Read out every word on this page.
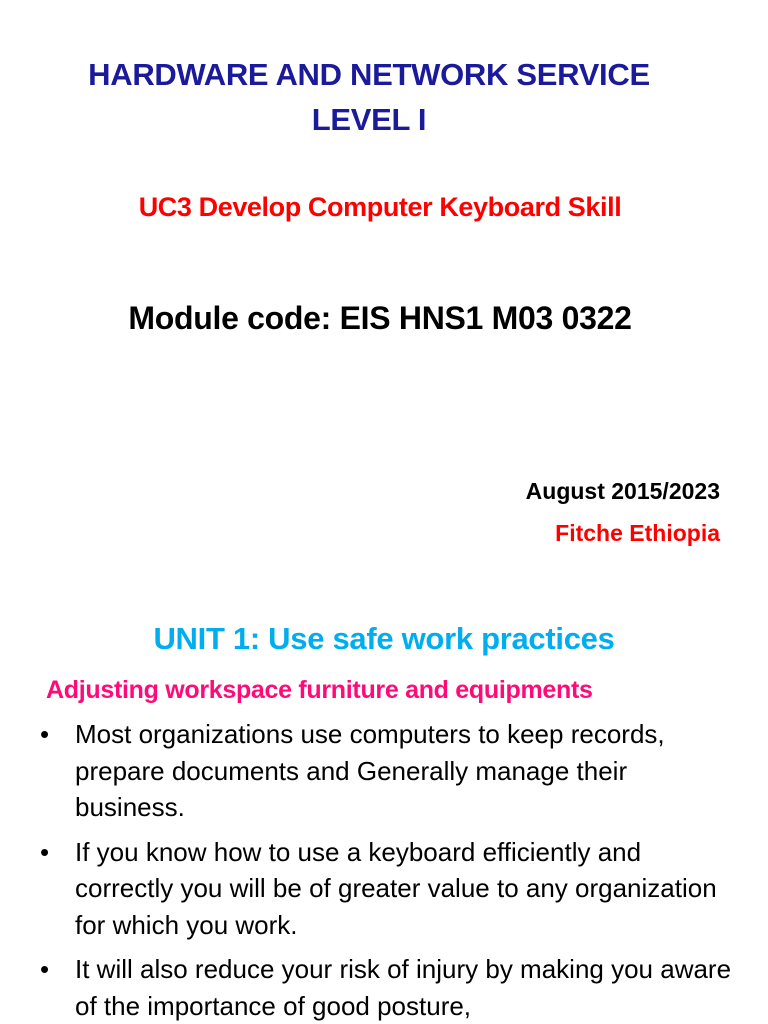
HARDWARE AND NETWORK SERVICE
LEVEL I
UC3 Develop Computer Keyboard Skill
Module code: EIS HNS1 M03 0322
August 2015/2023
Fitche Ethiopia
UNIT 1: Use safe work practices
Adjusting workspace furniture and equipments
• Most organizations use computers to keep records, prepare documents and Generally manage their business.
• If you know how to use a keyboard efficiently and correctly you will be of greater value to any organization for which you work.
• It will also reduce your risk of injury by making you aware of the importance of good posture,
